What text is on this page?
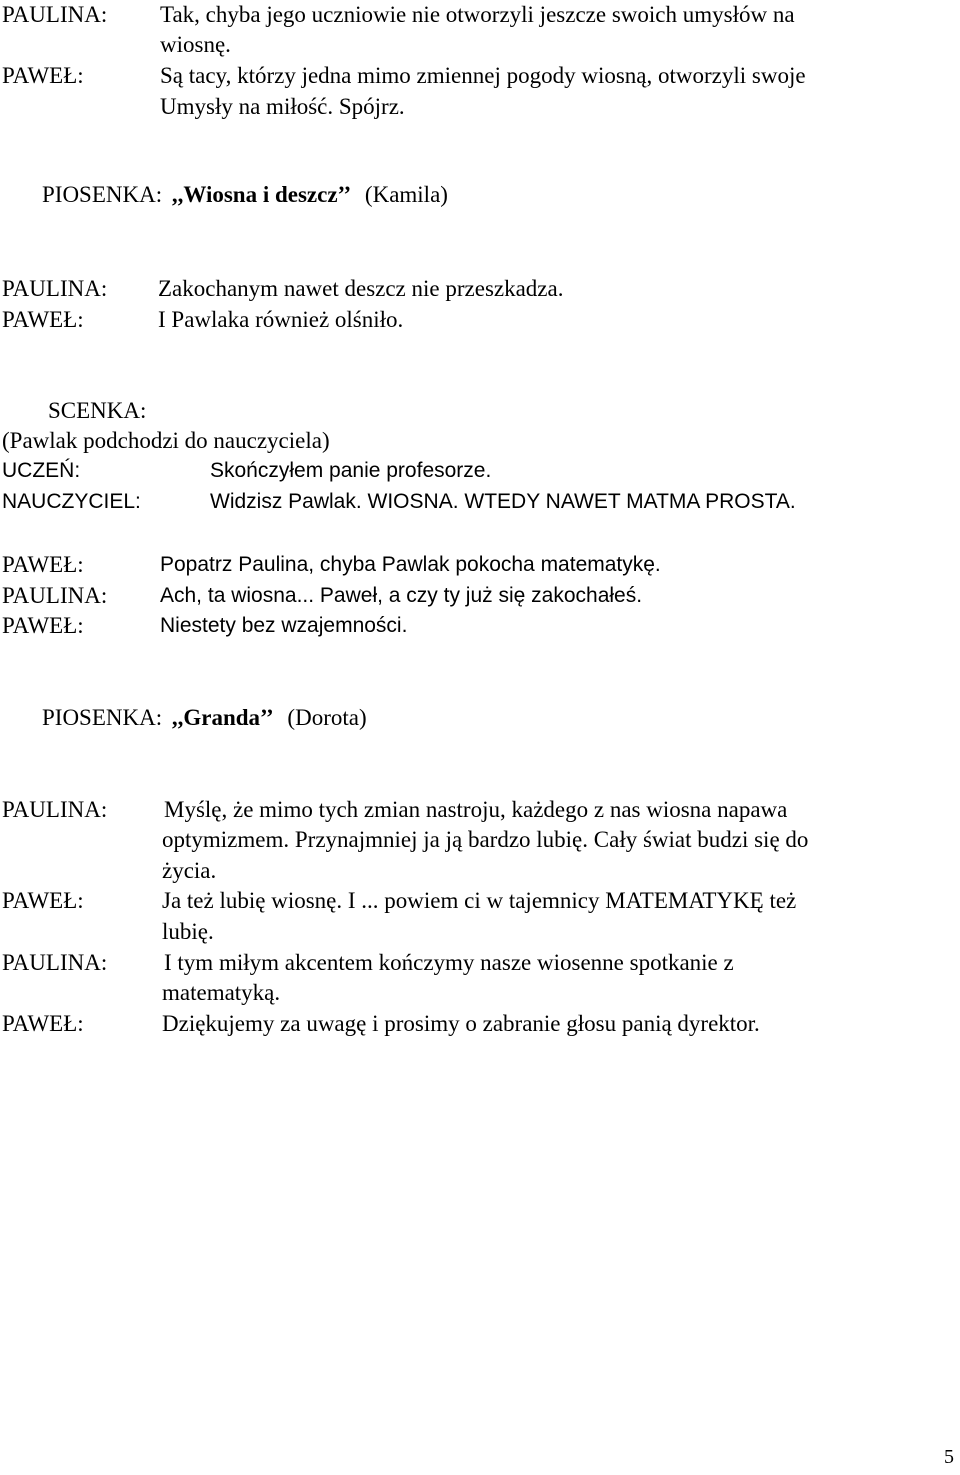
PAULINA: Tak, chyba jego uczniowie nie otworzyli jeszcze swoich umysłów na
wiosnę.
PAWEŁ:	Są tacy, którzy jedna mimo zmiennej pogody wiosną, otworzyli swoje
Umysły na miłość. Spójrz.
PIOSENKA: ,,Wiosna i deszcz’’ (Kamila)
PAULINA: Zakochanym nawet deszcz nie przeszkadza.
PAWEŁ:	I Pawlaka również olśniło.
SCENKA:
(Pawlak podchodzi do nauczyciela)
UCZEŃ:	Skończyłem panie profesorze.
NAUCZYCIEL:	Widzisz Pawlak. WIOSNA. WTEDY NAWET MATMA PROSTA.
PAWEŁ:	Popatrz Paulina, chyba Pawlak pokocha matematykę.
PAULINA:	Ach, ta wiosna... Paweł, a czy ty już się zakochałeś.
PAWEŁ:	Niestety bez wzajemności.
PIOSENKA: ,,Granda’’ (Dorota)
PAULINA: Myślę, że mimo tych zmian nastroju, każdego z nas wiosna napawa
optymizmem. Przynajmniej ja ją bardzo lubię. Cały świat budzi się do
życia.
PAWEŁ:	Ja też lubię wiosnę. I ... powiem ci w tajemnicy MATEMATYKĘ też
lubię.
PAULINA: I tym miłym akcentem kończymy nasze wiosenne spotkanie z
matematyką.
PAWEŁ:	Dziękujemy za uwagę i prosimy o zabranie głosu panią dyrektor.
5
